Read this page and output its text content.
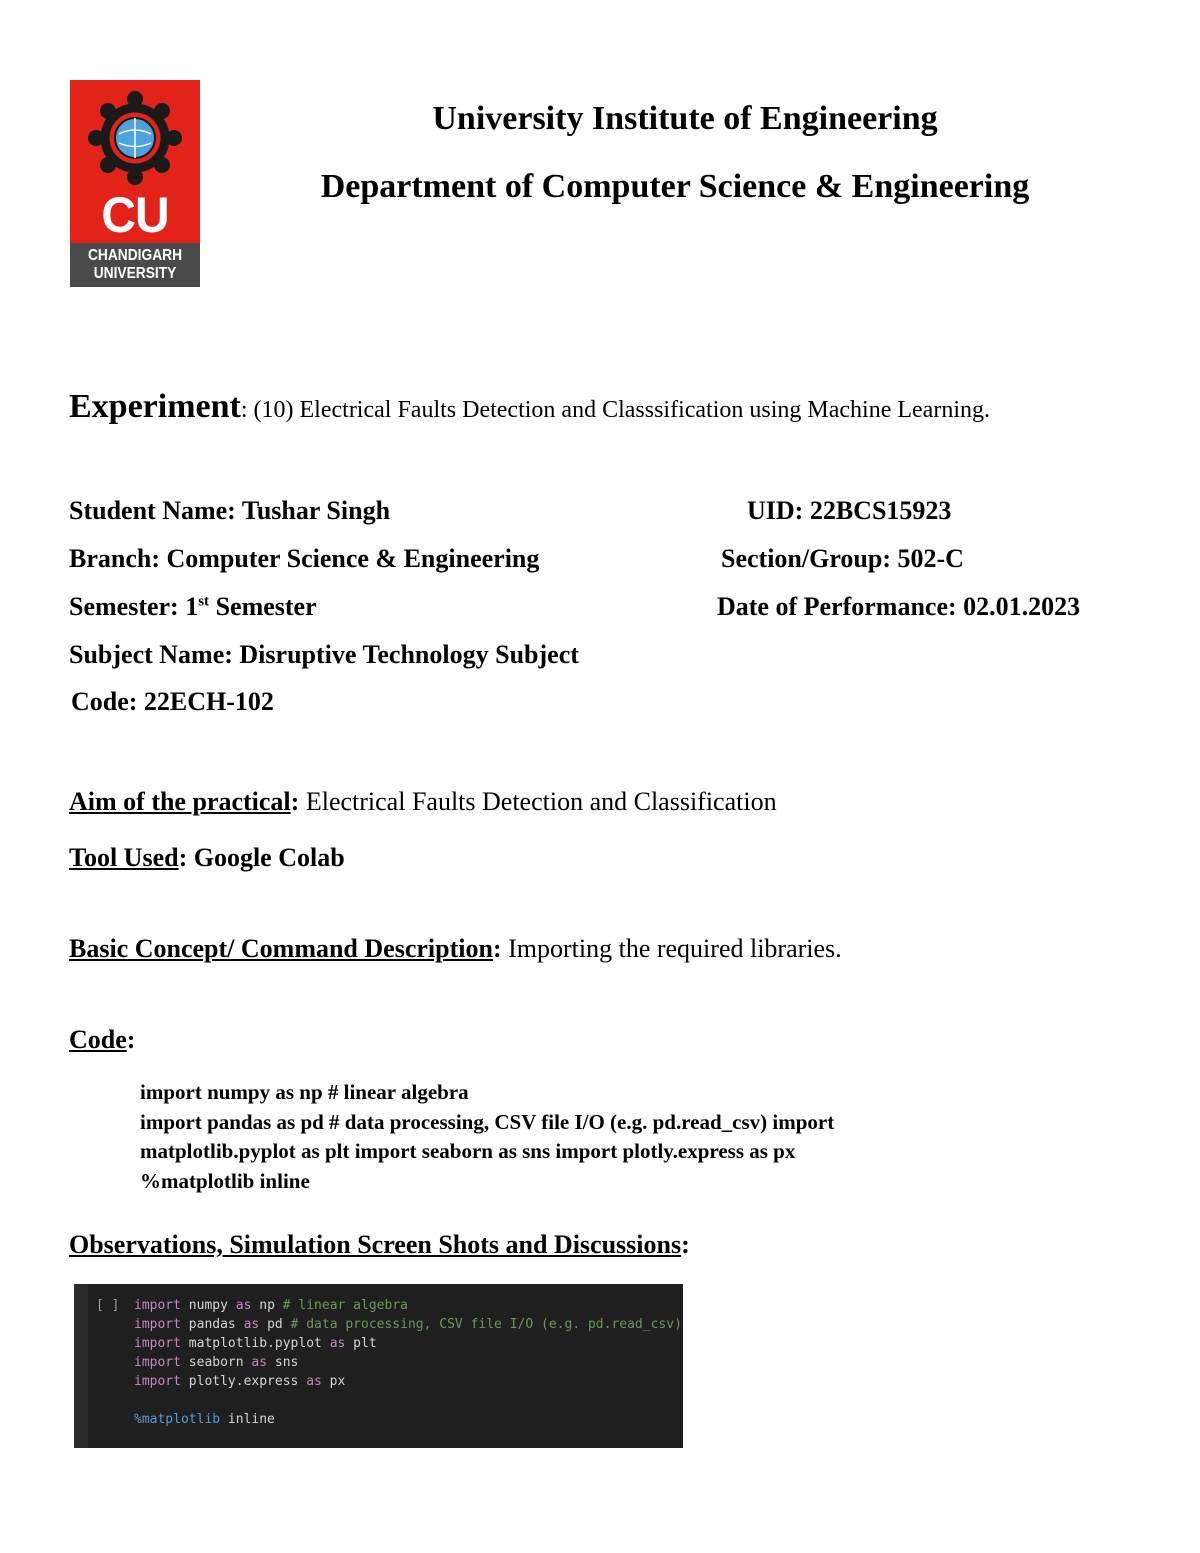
CU
CHANDIGARH
UNIVERSITY
University Institute of Engineering
Department of Computer Science & Engineering
Experiment: (10) Electrical Faults Detection and Classsification using Machine Learning.
Student Name: Tushar Singh	UID: 22BCS15923
Branch: Computer Science & Engineering	Section/Group: 502-C
Semester: 1st Semester	Date of Performance: 02.01.2023
Subject Name: Disruptive Technology Subject
Code: 22ECH-102
Aim of the practical: Electrical Faults Detection and Classification
Tool Used: Google Colab
Basic Concept/ Command Description: Importing the required libraries.
Code:
import numpy as np # linear algebra
import pandas as pd # data processing, CSV file I/O (e.g. pd.read_csv) import
matplotlib.pyplot as plt import seaborn as sns import plotly.express as px
%matplotlib inline
Observations, Simulation Screen Shots and Discussions:
[ ] import numpy as np # linear algebra
import pandas as pd # data processing, CSV file I/O (e.g. pd.read_csv)
import matplotlib.pyplot as plt
import seaborn as sns
import plotly.express as px
%matplotlib inline
